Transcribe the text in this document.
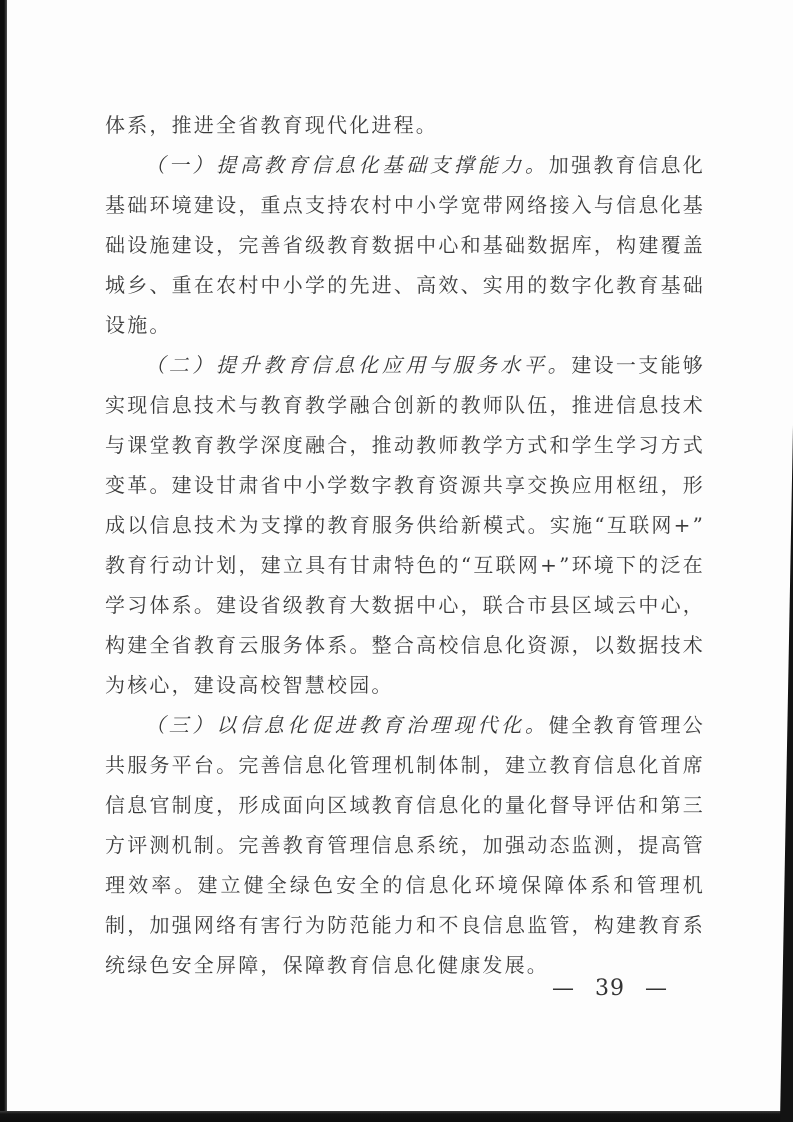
体系，推进全省教育现代化进程。

（一）提高教育信息化基础支撑能力。加强教育信息化基础环境建设，重点支持农村中小学宽带网络接入与信息化基础设施建设，完善省级教育数据中心和基础数据库，构建覆盖城乡、重在农村中小学的先进、高效、实用的数字化教育基础设施。

（二）提升教育信息化应用与服务水平。建设一支能够实现信息技术与教育教学融合创新的教师队伍，推进信息技术与课堂教育教学深度融合，推动教师教学方式和学生学习方式变革。建设甘肃省中小学数字教育资源共享交换应用枢纽，形成以信息技术为支撑的教育服务供给新模式。实施“互联网+”教育行动计划，建立具有甘肃特色的“互联网+”环境下的泛在学习体系。建设省级教育大数据中心，联合市县区域云中心，构建全省教育云服务体系。整合高校信息化资源，以数据技术为核心，建设高校智慧校园。

（三）以信息化促进教育治理现代化。健全教育管理公共服务平台。完善信息化管理机制体制，建立教育信息化首席信息官制度，形成面向区域教育信息化的量化督导评估和第三方评测机制。完善教育管理信息系统，加强动态监测，提高管理效率。建立健全绿色安全的信息化环境保障体系和管理机制，加强网络有害行为防范能力和不良信息监管，构建教育系统绿色安全屏障，保障教育信息化健康发展。

— 39 —
